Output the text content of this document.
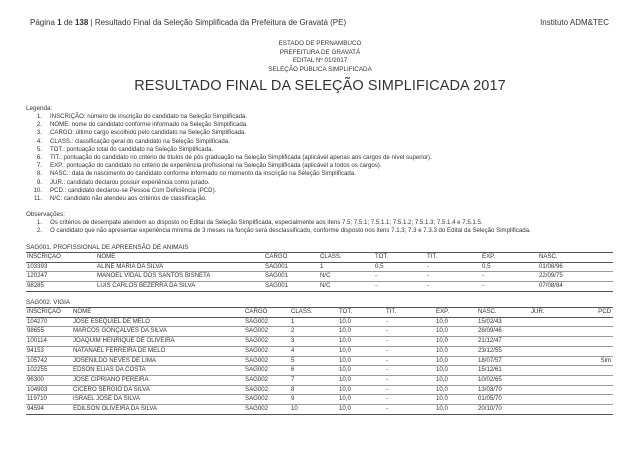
Página 1 de 138 | Resultado Final da Seleção Simplificada da Prefeitura de Gravatá (PE)	Instituto ADM&TEC
ESTADO DE PERNAMBUCO
PREFEITURA DE GRAVATÁ
EDITAL Nº 01/2017
SELEÇÃO PÚBLICA SIMPLIFICADA
RESULTADO FINAL DA SELEÇÃO SIMPLIFICADA 2017
Legenda:
1. INSCRIÇÃO: número de inscrição do candidato na Seleção Simplificada.
2. NOME: nome do candidato conforme informado na Seleção Simplificada.
3. CARGO: último cargo escolhido pelo candidato na Seleção Simplificada.
4. CLASS.: classificação geral do candidato na Seleção Simplificada.
5. TOT.: pontuação total do candidato na Seleção Simplificada.
6. TIT.: pontuação do candidato no critério de títulos de pós graduação na Seleção Simplificada (aplicável apenas aos cargos de nível superior).
7. EXP.: pontuação do candidato no critério de experiência profissional na Seleção Simplificada (aplicável a todos os cargos).
8. NASC.: data de nascimento do candidato conforme informado no momento da inscrição na Seleção Simplificada.
9. JUR.: candidato declarou possuir experiência como jurado.
10. PCD.: candidato declarou-se Pessoa Com Deficiência (PCD).
11. N/C: candidato não atendeu aos critérios de classificação.
Observações:
1. Os critérios de desempate atendem ao disposto no Edital da Seleção Simplificada, especialmente aos itens 7.5; 7.5.1; 7.5.1.1; 7.5.1.2; 7.5.1.3; 7.5.1.4 e 7.5.1.5.
2. O candidato que não apresentar experiência mínima de 3 meses na função será desclassificado, conforme disposto nos itens 7.1.3; 7.3 e 7.3.3 do Edital da Seleção Simplificada.
SAG001. PROFISSIONAL DE APREENSÃO DE ANIMAIS
INSCRIÇÃO	NOME	CARGO	CLASS.	TOT.	TIT.	EXP.	NASC.
103393	ALINE MARIA DA SILVA	SAG001	1	0,5	-	0,5	01/08/96
120247	MANOEL VIDAL DOS SANTOS BISNETA	SAG001	N/C	-	-	-	22/09/75
98285	LUIS CARLOS BEZERRA DA SILVA	SAG001	N/C	-	-	-	07/08/84
SAG002. VIGIA
INSCRIÇÃO	NOME	CARGO	CLASS.	TOT.	TIT.	EXP.	NASC.	JUR.	PCD
104270	JOSÉ ESEQUIEL DE MELO	SAG002	1	10,0	-	10,0	15/02/43		
98655	MARCOS GONÇALVES DA SILVA	SAG002	2	10,0	-	10,0	28/09/46		
100114	JOAQUIM HENRIQUE DE OLIVEIRA	SAG002	3	10,0	-	10,0	21/12/47		
94153	NATANAEL FERREIRA DE MELO	SAG002	4	10,0	-	10,0	23/12/55		
105742	JOSENILDO NEVES DE LIMA	SAG002	5	10,0	-	10,0	18/07/57		Sim
102255	EDSON ELIAS DA COSTA	SAG002	6	10,0	-	10,0	15/12/61		
96300	JOSÉ CIPRIANO PEREIRA	SAG002	7	10,0	-	10,0	10/02/65		
104903	CICERO SERGIO DA SILVA	SAG002	8	10,0	-	10,0	13/03/70		
119710	ISRAEL JOSÉ DA SILVA	SAG002	9	10,0	-	10,0	01/05/70		
94594	EDILSON OLIVEIRA DA SILVA	SAG002	10	10,0	-	10,0	20/10/70		
